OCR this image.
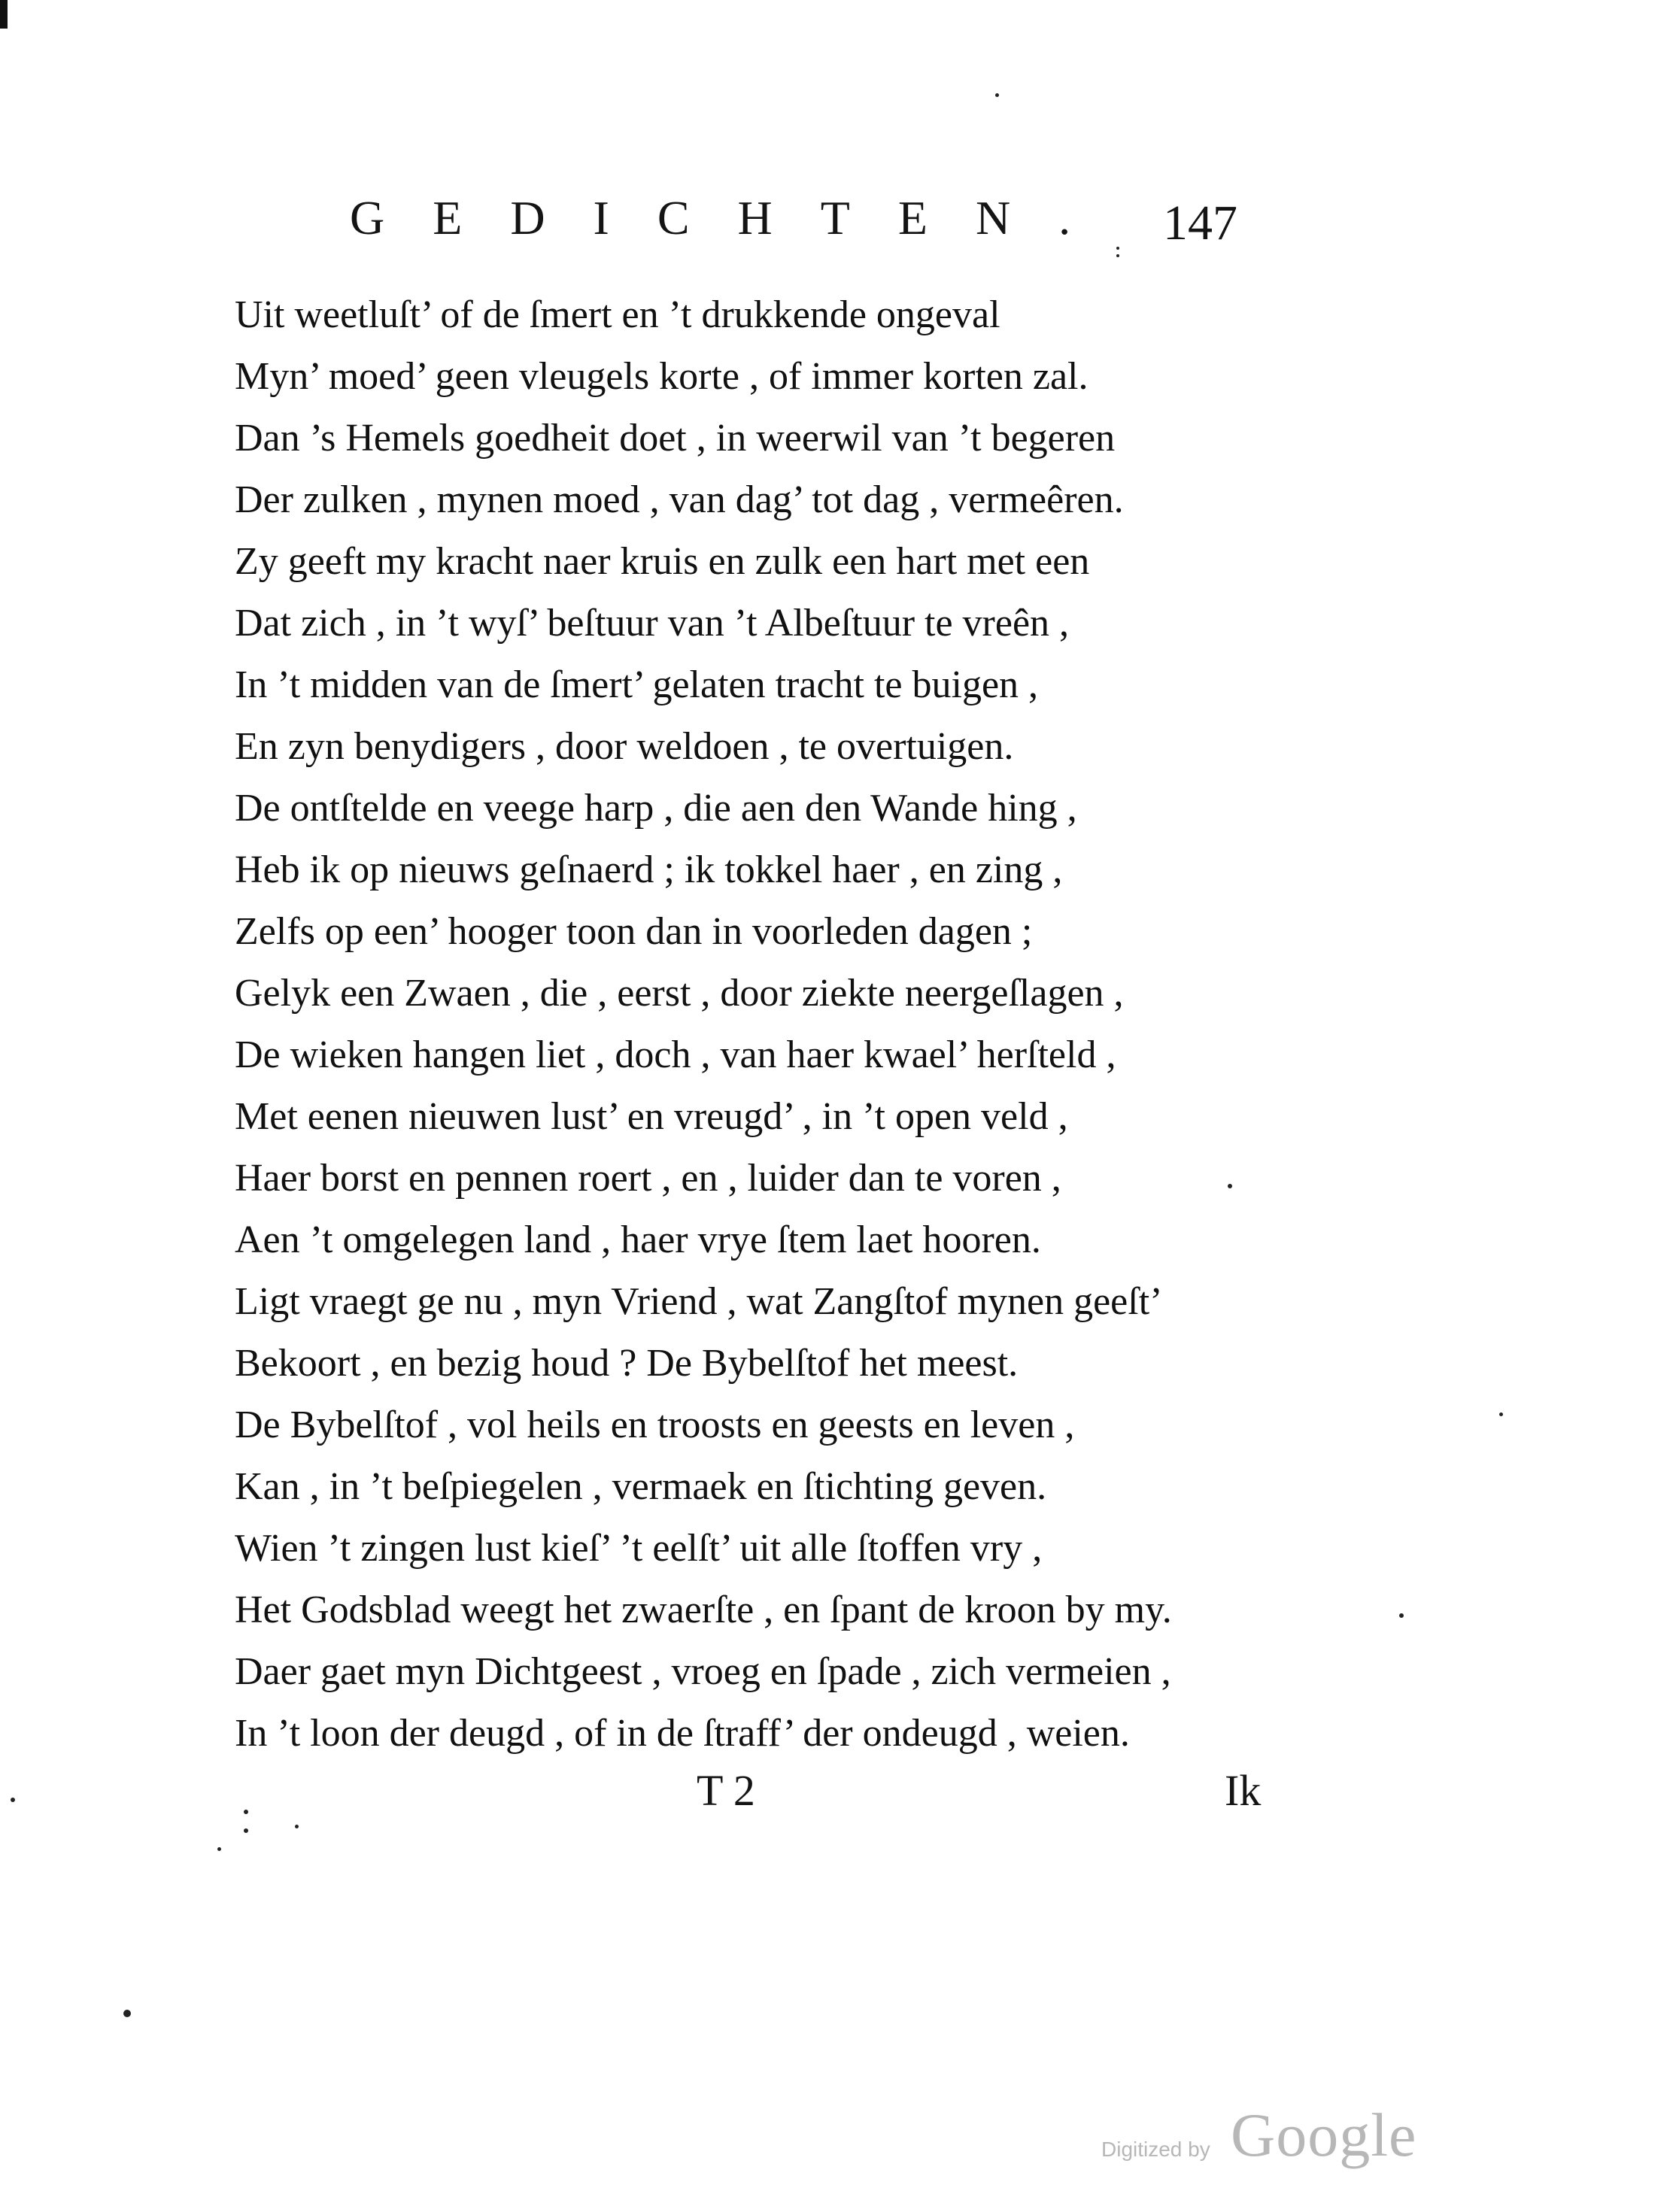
GEDICHTEN. 147
Uit weetluſt’ of de ſmert en ’t drukkende ongeval
Myn’ moed’ geen vleugels korte , of immer korten zal.
Dan ’s Hemels goedheit doet , in weerwil van ’t begeren
Der zulken , mynen moed , van dag’ tot dag , vermeêren.
Zy geeft my kracht naer kruis en zulk een hart met een
Dat zich , in ’t wyſ’ beſtuur van ’t Albeſtuur te vreên ,
In ’t midden van de ſmert’ gelaten tracht te buigen ,
En zyn benydigers , door weldoen , te overtuigen.
De ontſtelde en veege harp , die aen den Wande hing ,
Heb ik op nieuws geſnaerd ; ik tokkel haer , en zing ,
Zelfs op een’ hooger toon dan in voorleden dagen ;
Gelyk een Zwaen , die , eerst , door ziekte neergeſlagen ,
De wieken hangen liet , doch , van haer kwael’ herſteld ,
Met eenen nieuwen lust’ en vreugd’ , in ’t open veld ,
Haer borst en pennen roert , en , luider dan te voren ,
Aen ’t omgelegen land , haer vrye ſtem laet hooren.
Ligt vraegt ge nu , myn Vriend , wat Zangſtof mynen geeſt’
Bekoort , en bezig houd ? De Bybelſtof het meest.
De Bybelſtof , vol heils en troosts en geests en leven ,
Kan , in ’t beſpiegelen , vermaek en ſtichting geven.
Wien ’t zingen lust kieſ’ ’t eelſt’ uit alle ſtoffen vry ,
Het Godsblad weegt het zwaerſte , en ſpant de kroon by my.
Daer gaet myn Dichtgeest , vroeg en ſpade , zich vermeien ,
In ’t loon der deugd , of in de ſtraff’ der ondeugd , weien.
T 2	Ik
Digitized by Google
